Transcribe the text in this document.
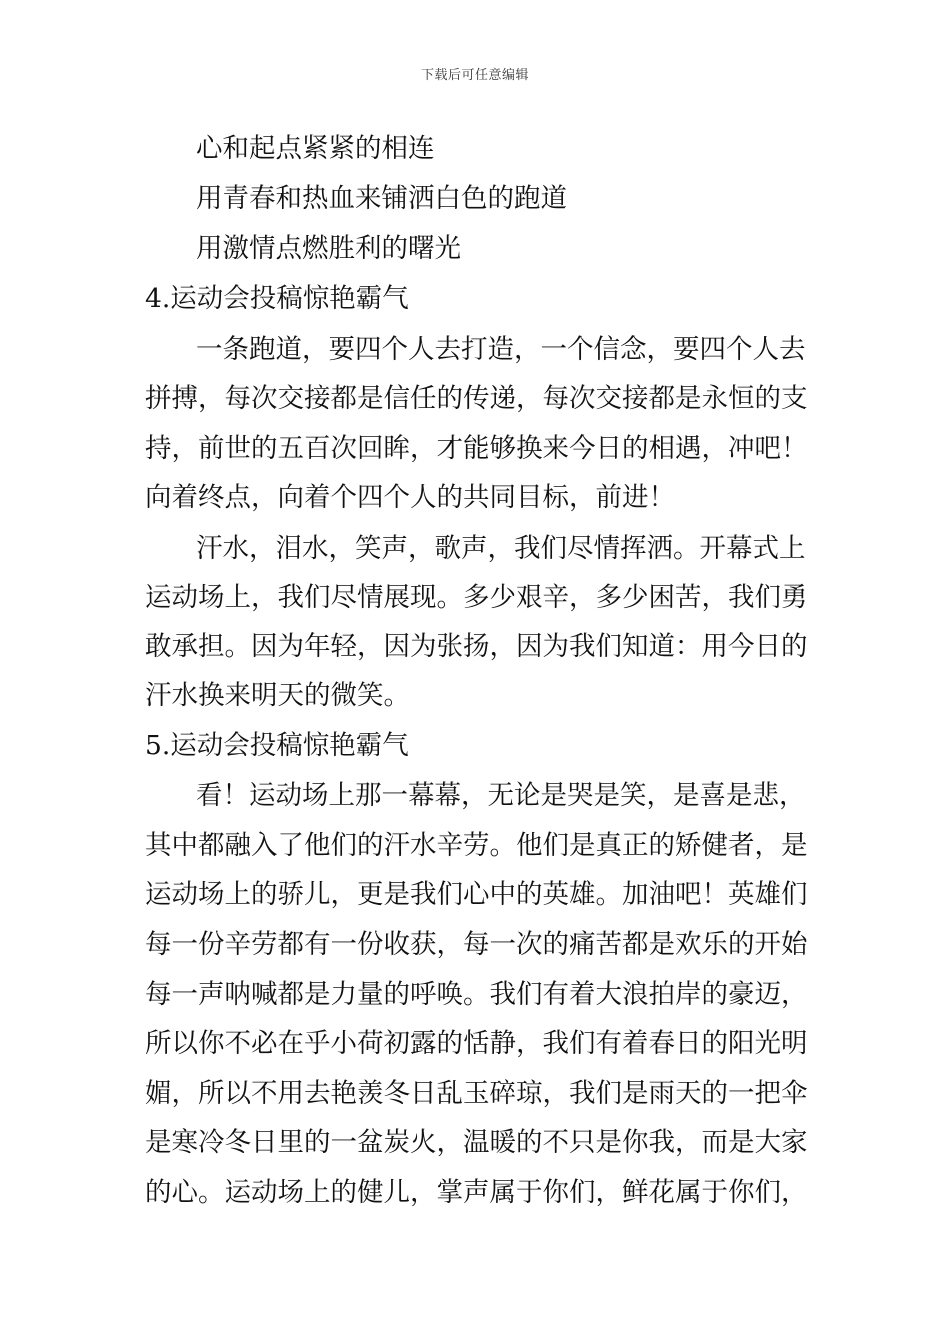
下载后可任意编辑
心和起点紧紧的相连
用青春和热血来铺洒白色的跑道
用激情点燃胜利的曙光
4.运动会投稿惊艳霸气
一条跑道，要四个人去打造，一个信念，要四个人去
拼搏，每次交接都是信任的传递，每次交接都是永恒的支
持，前世的五百次回眸，才能够换来今日的相遇，冲吧！
向着终点，向着个四个人的共同目标，前进！
汗水，泪水，笑声，歌声，我们尽情挥洒。开幕式上
运动场上，我们尽情展现。多少艰辛，多少困苦，我们勇
敢承担。因为年轻，因为张扬，因为我们知道：用今日的
汗水换来明天的微笑。
5.运动会投稿惊艳霸气
看！运动场上那一幕幕，无论是哭是笑，是喜是悲，
其中都融入了他们的汗水辛劳。他们是真正的矫健者，是
运动场上的骄儿，更是我们心中的英雄。加油吧！英雄们
每一份辛劳都有一份收获，每一次的痛苦都是欢乐的开始
每一声呐喊都是力量的呼唤。我们有着大浪拍岸的豪迈，
所以你不必在乎小荷初露的恬静，我们有着春日的阳光明
媚，所以不用去艳羡冬日乱玉碎琼，我们是雨天的一把伞
是寒冷冬日里的一盆炭火，温暖的不只是你我，而是大家
的心。运动场上的健儿，掌声属于你们，鲜花属于你们，
